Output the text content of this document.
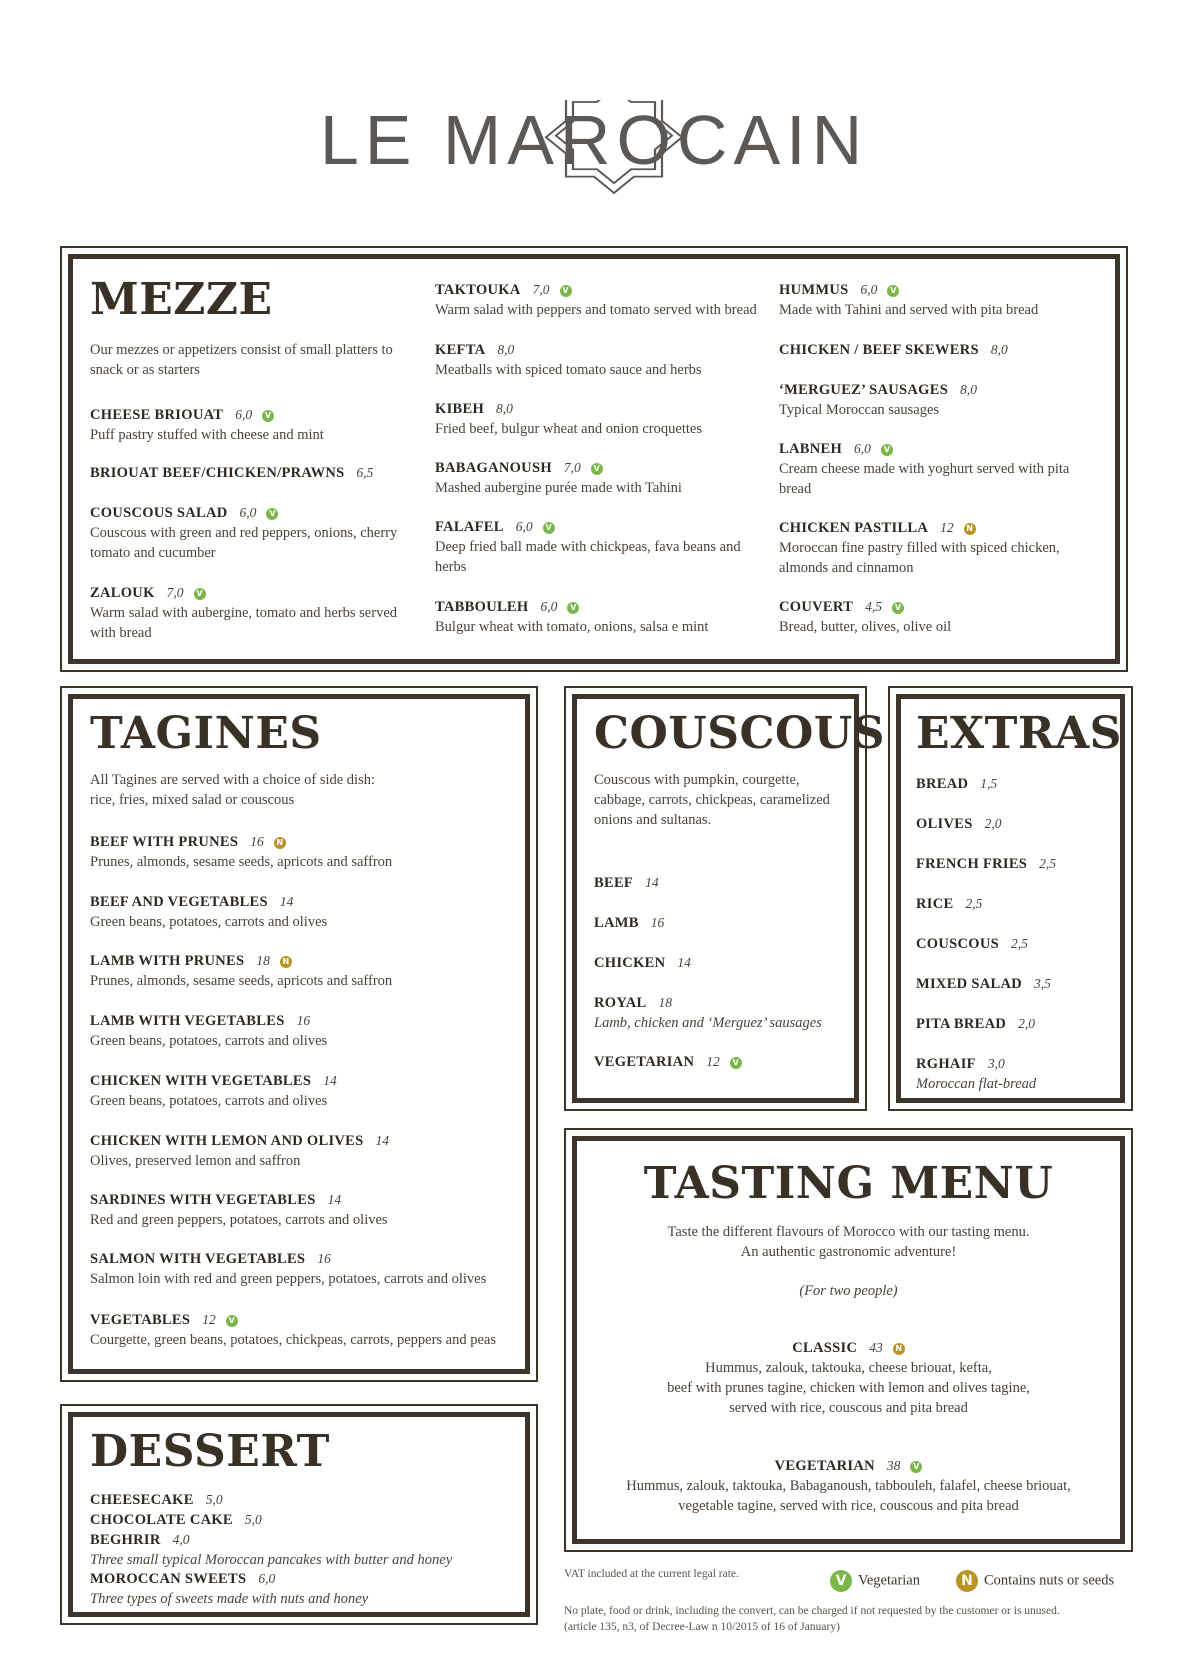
LE MAROCAIN
MEZZE
Our mezzes or appetizers consist of small platters to snack or as starters
CHEESE BRIOUAT 6,0 V
Puff pastry stuffed with cheese and mint
BRIOUAT BEEF/CHICKEN/PRAWNS 6,5
COUSCOUS SALAD 6,0 V
Couscous with green and red peppers, onions, cherry tomato and cucumber
ZALOUK 7,0 V
Warm salad with aubergine, tomato and herbs served with bread
TAKTOUKA 7,0 V
Warm salad with peppers and tomato served with bread
KEFTA 8,0
Meatballs with spiced tomato sauce and herbs
KIBEH 8,0
Fried beef, bulgur wheat and onion croquettes
BABAGANOUSH 7,0 V
Mashed aubergine purée made with Tahini
FALAFEL 6,0 V
Deep fried ball made with chickpeas, fava beans and herbs
TABBOULEH 6,0 V
Bulgur wheat with tomato, onions, salsa e mint
HUMMUS 6,0 V
Made with Tahini and served with pita bread
CHICKEN / BEEF SKEWERS 8,0
‘MERGUEZ’ SAUSAGES 8,0
Typical Moroccan sausages
LABNEH 6,0 V
Cream cheese made with yoghurt served with pita bread
CHICKEN PASTILLA 12 N
Moroccan fine pastry filled with spiced chicken, almonds and cinnamon
COUVERT 4,5 V
Bread, butter, olives, olive oil
TAGINES
All Tagines are served with a choice of side dish: rice, fries, mixed salad or couscous
BEEF WITH PRUNES 16 N
Prunes, almonds, sesame seeds, apricots and saffron
BEEF AND VEGETABLES 14
Green beans, potatoes, carrots and olives
LAMB WITH PRUNES 18 N
Prunes, almonds, sesame seeds, apricots and saffron
LAMB WITH VEGETABLES 16
Green beans, potatoes, carrots and olives
CHICKEN WITH VEGETABLES 14
Green beans, potatoes, carrots and olives
CHICKEN WITH LEMON AND OLIVES 14
Olives, preserved lemon and saffron
SARDINES WITH VEGETABLES 14
Red and green peppers, potatoes, carrots and olives
SALMON WITH VEGETABLES 16
Salmon loin with red and green peppers, potatoes, carrots and olives
VEGETABLES 12 V
Courgette, green beans, potatoes, chickpeas, carrots, peppers and peas
COUSCOUS
Couscous with pumpkin, courgette, cabbage, carrots, chickpeas, caramelized onions and sultanas.
BEEF 14
LAMB 16
CHICKEN 14
ROYAL 18
Lamb, chicken and ‘Merguez’ sausages
VEGETARIAN 12 V
EXTRAS
BREAD 1,5
OLIVES 2,0
FRENCH FRIES 2,5
RICE 2,5
COUSCOUS 2,5
MIXED SALAD 3,5
PITA BREAD 2,0
RGHAIF 3,0
Moroccan flat-bread
TASTING MENU
Taste the different flavours of Morocco with our tasting menu.
An authentic gastronomic adventure!
(For two people)
CLASSIC 43 N
Hummus, zalouk, taktouka, cheese briouat, kefta,
beef with prunes tagine, chicken with lemon and olives tagine,
served with rice, couscous and pita bread
VEGETARIAN 38 V
Hummus, zalouk, taktouka, Babaganoush, tabbouleh, falafel, cheese briouat,
vegetable tagine, served with rice, couscous and pita bread
DESSERT
CHEESECAKE 5,0
CHOCOLATE CAKE 5,0
BEGHRIR 4,0
Three small typical Moroccan pancakes with butter and honey
MOROCCAN SWEETS 6,0
Three types of sweets made with nuts and honey
VAT included at the current legal rate.	V Vegetarian	N Contains nuts or seeds
No plate, food or drink, including the convert, can be charged if not requested by the customer or is unused.
(article 135, n3, of Decree-Law n 10/2015 of 16 of January)
